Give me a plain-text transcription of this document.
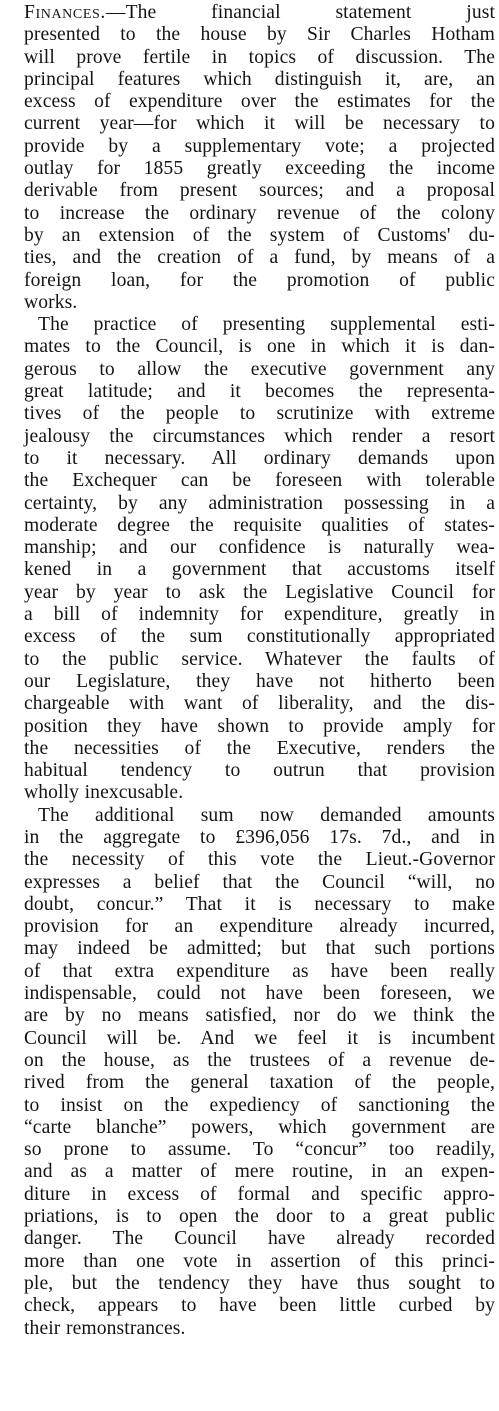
Finances.—The financial statement just
presented to the house by Sir Charles Hotham
will prove fertile in topics of discussion. The
principal features which distinguish it, are, an
excess of expenditure over the estimates for the
current year—for which it will be necessary to
provide by a supplementary vote; a projected
outlay for 1855 greatly exceeding the income
derivable from present sources; and a proposal
to increase the ordinary revenue of the colony
by an extension of the system of Customs' du-
ties, and the creation of a fund, by means of a
foreign loan, for the promotion of public
works.

The practice of presenting supplemental esti-
mates to the Council, is one in which it is dan-
gerous to allow the executive government any
great latitude; and it becomes the representa-
tives of the people to scrutinize with extreme
jealousy the circumstances which render a resort
to it necessary. All ordinary demands upon
the Exchequer can be foreseen with tolerable
certainty, by any administration possessing in a
moderate degree the requisite qualities of states-
manship; and our confidence is naturally wea-
kened in a government that accustoms itself
year by year to ask the Legislative Council for
a bill of indemnity for expenditure, greatly in
excess of the sum constitutionally appropriated
to the public service. Whatever the faults of
our Legislature, they have not hitherto been
chargeable with want of liberality, and the dis-
position they have shown to provide amply for
the necessities of the Executive, renders the
habitual tendency to outrun that provision
wholly inexcusable.

The additional sum now demanded amounts
in the aggregate to £396,056 17s. 7d., and in
the necessity of this vote the Lieut.-Governor
expresses a belief that the Council “will, no
doubt, concur.” That it is necessary to make
provision for an expenditure already incurred,
may indeed be admitted; but that such portions
of that extra expenditure as have been really
indispensable, could not have been foreseen, we
are by no means satisfied, nor do we think the
Council will be. And we feel it is incumbent
on the house, as the trustees of a revenue de-
rived from the general taxation of the people,
to insist on the expediency of sanctioning the
“carte blanche” powers, which government are
so prone to assume. To “concur” too readily,
and as a matter of mere routine, in an expen-
diture in excess of formal and specific appro-
priations, is to open the door to a great public
danger. The Council have already recorded
more than one vote in assertion of this princi-
ple, but the tendency they have thus sought to
check, appears to have been little curbed by
their remonstrances.
